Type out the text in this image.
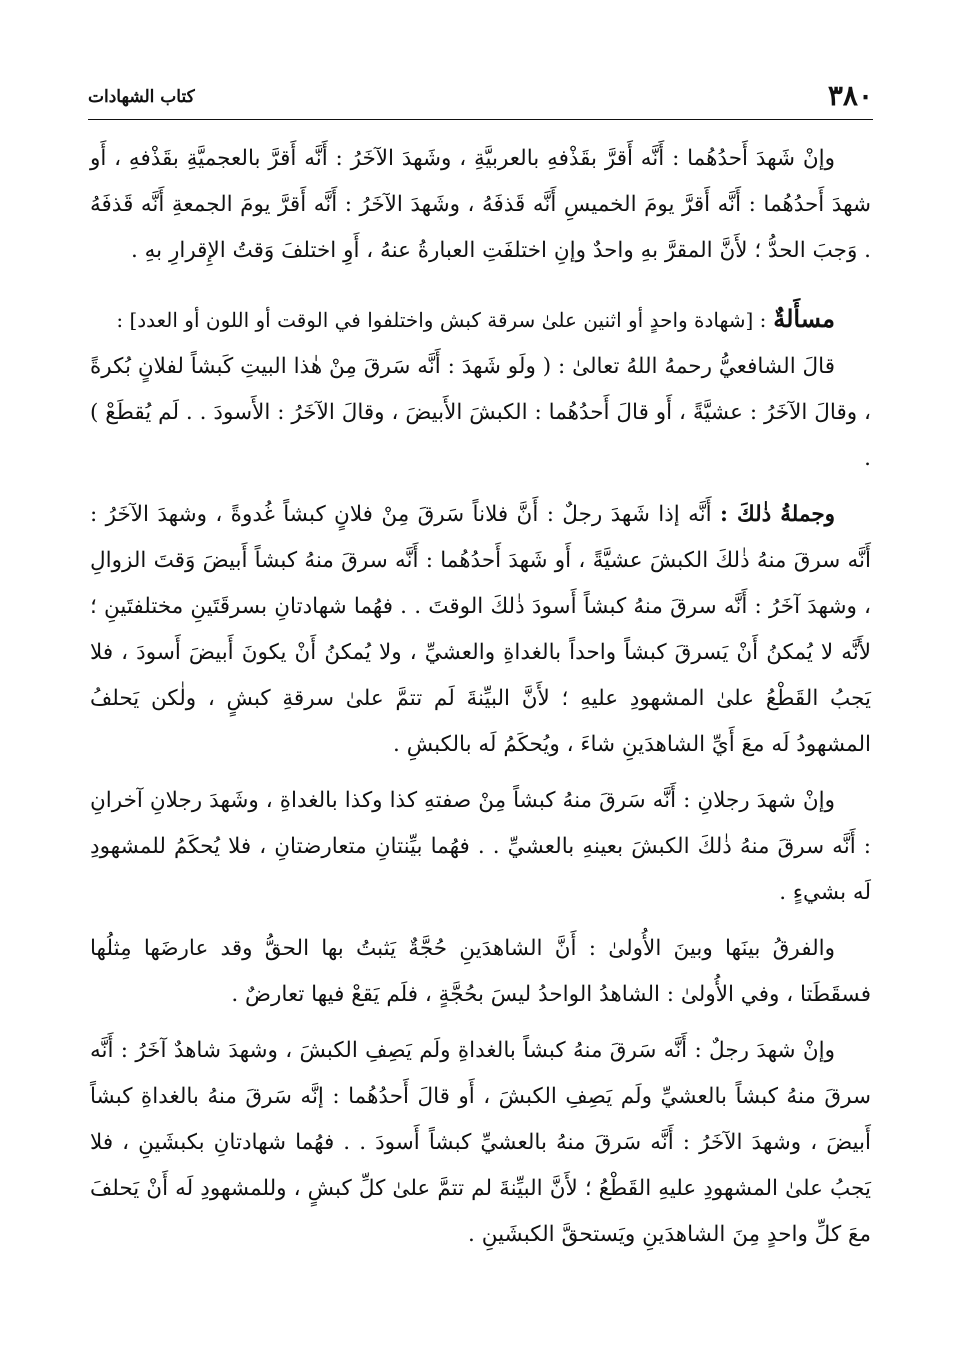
٣٨٠
كتاب الشهادات

وإنْ شَهدَ أَحدُهُما : أَنَّه أَقرَّ بقَذْفهِ بالعربيَّةِ ، وشَهدَ الآخَرُ : أَنَّه أَقرَّ بالعجميَّةِ بقَذْفهِ ، أَو شهدَ أَحدُهُما : أَنَّه أَقرَّ يومَ الخميسِ أَنَّه قَذفَهُ ، وشَهدَ الآخَرُ : أَنَّه أَقرَّ يومَ الجمعةِ أَنَّه قَذفَهُ . وَجبَ الحدُّ ؛ لأَنَّ المقرَّ بهِ واحدٌ وإنِ اختلفَتِ العبارةُ عنهُ ، أَوِ اختلفَ وَقتُ الإِقرارِ بهِ .

مسأَلةٌ : [شهادة واحدٍ أو اثنين علىٰ سرقة كبش واختلفوا في الوقت أو اللون أو العدد] :

قالَ الشافعيُّ رحمهُ اللهُ تعالىٰ : ( ولَو شَهدَ : أَنَّه سَرقَ مِنْ هٰذا البيتِ كَبشاً لفلانٍ بُكرةً ، وقالَ الآخَرُ : عشيَّةً ، أَو قالَ أَحدُهُما : الكبشَ الأَبيضَ ، وقالَ الآخَرُ : الأَسودَ . . لَم يُقطَعْ ) .

وجملةُ ذٰلكَ : أَنَّه إذا شَهدَ رجلٌ : أَنَّ فلاناً سَرقَ مِنْ فلانٍ كبشاً غُدوةً ، وشهدَ الآخَرُ : أَنَّه سرقَ منهُ ذٰلكَ الكبشَ عشيَّةً ، أَو شَهدَ أَحدُهُما : أَنَّه سرقَ منهُ كبشاً أَبيضَ وَقتَ الزوالِ ، وشهدَ آخَرُ : أَنَّه سرقَ منهُ كبشاً أَسودَ ذٰلكَ الوقتَ . . فهُما شهادتانِ بسرقَتَينِ مختلفتَينِ ؛ لأَنَّه لا يُمكنُ أَنْ يَسرقَ كبشاً واحداً بالغداةِ والعشيِّ ، ولا يُمكنُ أَنْ يكونَ أَبيضَ أَسودَ ، فلا يَجبُ القَطْعُ علىٰ المشهودِ عليهِ ؛ لأَنَّ البيِّنةَ لَم تتمَّ علىٰ سرقةِ كبشٍ ، ولٰكن يَحلفُ المشهودُ لَه معَ أَيِّ الشاهدَينِ شاءَ ، ويُحكَمُ لَه بالكبشِ .

وإنْ شهدَ رجلانِ : أَنَّه سَرقَ منهُ كبشاً مِنْ صفتهِ كذا وكذا بالغداةِ ، وشَهدَ رجلانِ آخرانِ : أَنَّه سرقَ منهُ ذٰلكَ الكبشَ بعينهِ بالعشيِّ . . فهُما بيِّنتانِ متعارضتانِ ، فلا يُحكَمُ للمشهودِ لَه بشيءٍ .

والفرقُ بينَها وبينَ الأُولىٰ : أَنَّ الشاهدَينِ حُجَّةٌ يَثبتُ بها الحقُّ وقد عارضَها مِثلُها فسقَطَتا ، وفي الأُولىٰ : الشاهدُ الواحدُ ليسَ بحُجَّةٍ ، فلَم يَقعْ فيها تعارضٌ .

وإنْ شهدَ رجلٌ : أَنَّه سَرقَ منهُ كبشاً بالغداةِ ولَم يَصِفِ الكبشَ ، وشهدَ شاهدٌ آخَرُ : أَنَّه سرقَ منهُ كبشاً بالعشيِّ ولَم يَصِفِ الكبشَ ، أَو قالَ أَحدُهُما : إنَّه سَرقَ منهُ بالغداةِ كبشاً أَبيضَ ، وشهدَ الآخَرُ : أَنَّه سَرقَ منهُ بالعشيِّ كبشاً أَسودَ . . فهُما شهادتانِ بكبشَينِ ، فلا يَجبُ علىٰ المشهودِ عليهِ القَطْعُ ؛ لأَنَّ البيِّنةَ لم تتمَّ علىٰ كلِّ كبشٍ ، وللمشهودِ لَه أَنْ يَحلفَ معَ كلِّ واحدٍ مِنَ الشاهدَينِ ويَستحقَّ الكبشَينِ .
